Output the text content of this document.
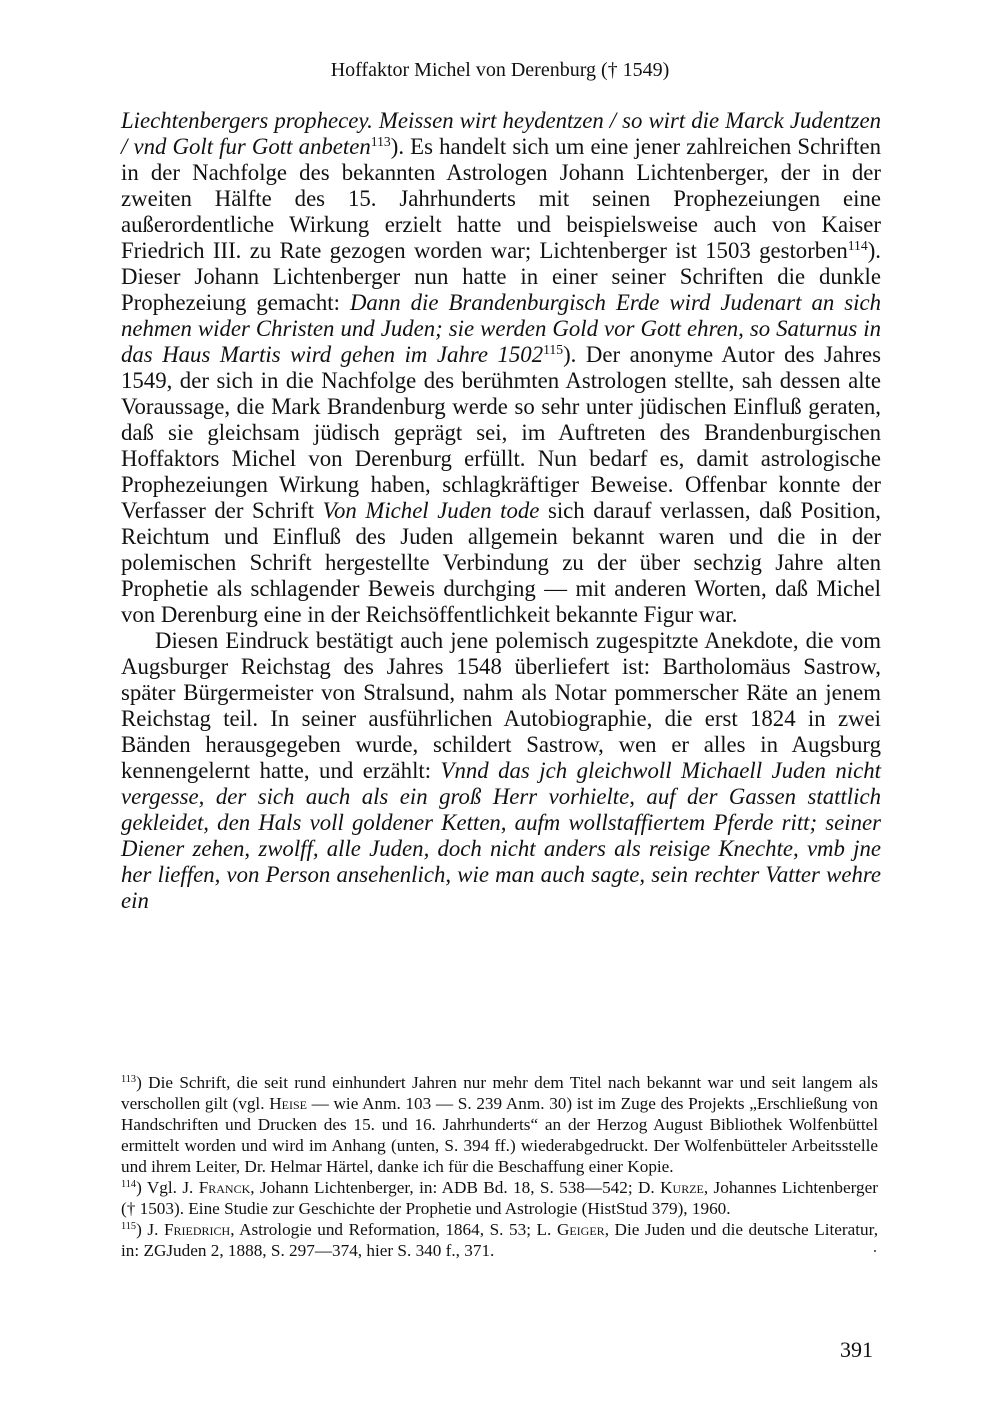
Hoffaktor Michel von Derenburg († 1549)

Liechtenbergers prophecey. Meissen wirt heydentzen / so wirt die Marck Judentzen / vnd Golt fur Gott anbeten$^{113}$). Es handelt sich um eine jener zahlreichen Schriften in der Nachfolge des bekannten Astrologen Johann Lichtenberger, der in der zweiten Hälfte des 15. Jahrhunderts mit seinen Prophezeiungen eine außerordentliche Wirkung erzielt hatte und beispielsweise auch von Kaiser Friedrich III. zu Rate gezogen worden war; Lichtenberger ist 1503 gestorben$^{114}$). Dieser Johann Lichtenberger nun hatte in einer seiner Schriften die dunkle Prophezeiung gemacht: Dann die Brandenburgisch Erde wird Judenart an sich nehmen wider Christen und Juden; sie werden Gold vor Gott ehren, so Saturnus in das Haus Martis wird gehen im Jahre 1502$^{115}$). Der anonyme Autor des Jahres 1549, der sich in die Nachfolge des berühmten Astrologen stellte, sah dessen alte Voraussage, die Mark Brandenburg werde so sehr unter jüdischen Einfluß geraten, daß sie gleichsam jüdisch geprägt sei, im Auftreten des Brandenburgischen Hoffaktors Michel von Derenburg erfüllt. Nun bedarf es, damit astrologische Prophezeiungen Wirkung haben, schlagkräftiger Beweise. Offenbar konnte der Verfasser der Schrift Von Michel Juden tode sich darauf verlassen, daß Position, Reichtum und Einfluß des Juden allgemein bekannt waren und die in der polemischen Schrift hergestellte Verbindung zu der über sechzig Jahre alten Prophetie als schlagender Beweis durchging — mit anderen Worten, daß Michel von Derenburg eine in der Reichsöffentlichkeit bekannte Figur war.

Diesen Eindruck bestätigt auch jene polemisch zugespitzte Anekdote, die vom Augsburger Reichstag des Jahres 1548 überliefert ist: Bartholomäus Sastrow, später Bürgermeister von Stralsund, nahm als Notar pommerscher Räte an jenem Reichstag teil. In seiner ausführlichen Autobiographie, die erst 1824 in zwei Bänden herausgegeben wurde, schildert Sastrow, wen er alles in Augsburg kennengelernt hatte, und erzählt: Vnnd das jch gleichwoll Michaell Juden nicht vergesse, der sich auch als ein groß Herr vorhielte, auf der Gassen stattlich gekleidet, den Hals voll goldener Ketten, aufm wollstaffiertem Pferde ritt; seiner Diener zehen, zwolff, alle Juden, doch nicht anders als reisige Knechte, vmb jne her lieffen, von Person ansehenlich, wie man auch sagte, sein rechter Vatter wehre ein

$^{113}$) Die Schrift, die seit rund einhundert Jahren nur mehr dem Titel nach bekannt war und seit langem als verschollen gilt (vgl. Heise — wie Anm. 103 — S. 239 Anm. 30) ist im Zuge des Projekts „Erschließung von Handschriften und Drucken des 15. und 16. Jahrhunderts“ an der Herzog August Bibliothek Wolfenbüttel ermittelt worden und wird im Anhang (unten, S. 394 ff.) wiederabgedruckt. Der Wolfenbütteler Arbeitsstelle und ihrem Leiter, Dr. Helmar Härtel, danke ich für die Beschaffung einer Kopie.

$^{114}$) Vgl. J. Franck, Johann Lichtenberger, in: ADB Bd. 18, S. 538—542; D. Kurze, Johannes Lichtenberger († 1503). Eine Studie zur Geschichte der Prophetie und Astrologie (HistStud 379), 1960.

$^{115}$) J. Friedrich, Astrologie und Reformation, 1864, S. 53; L. Geiger, Die Juden und die deutsche Literatur, in: ZGJuden 2, 1888, S. 297—374, hier S. 340 f., 371.

391
